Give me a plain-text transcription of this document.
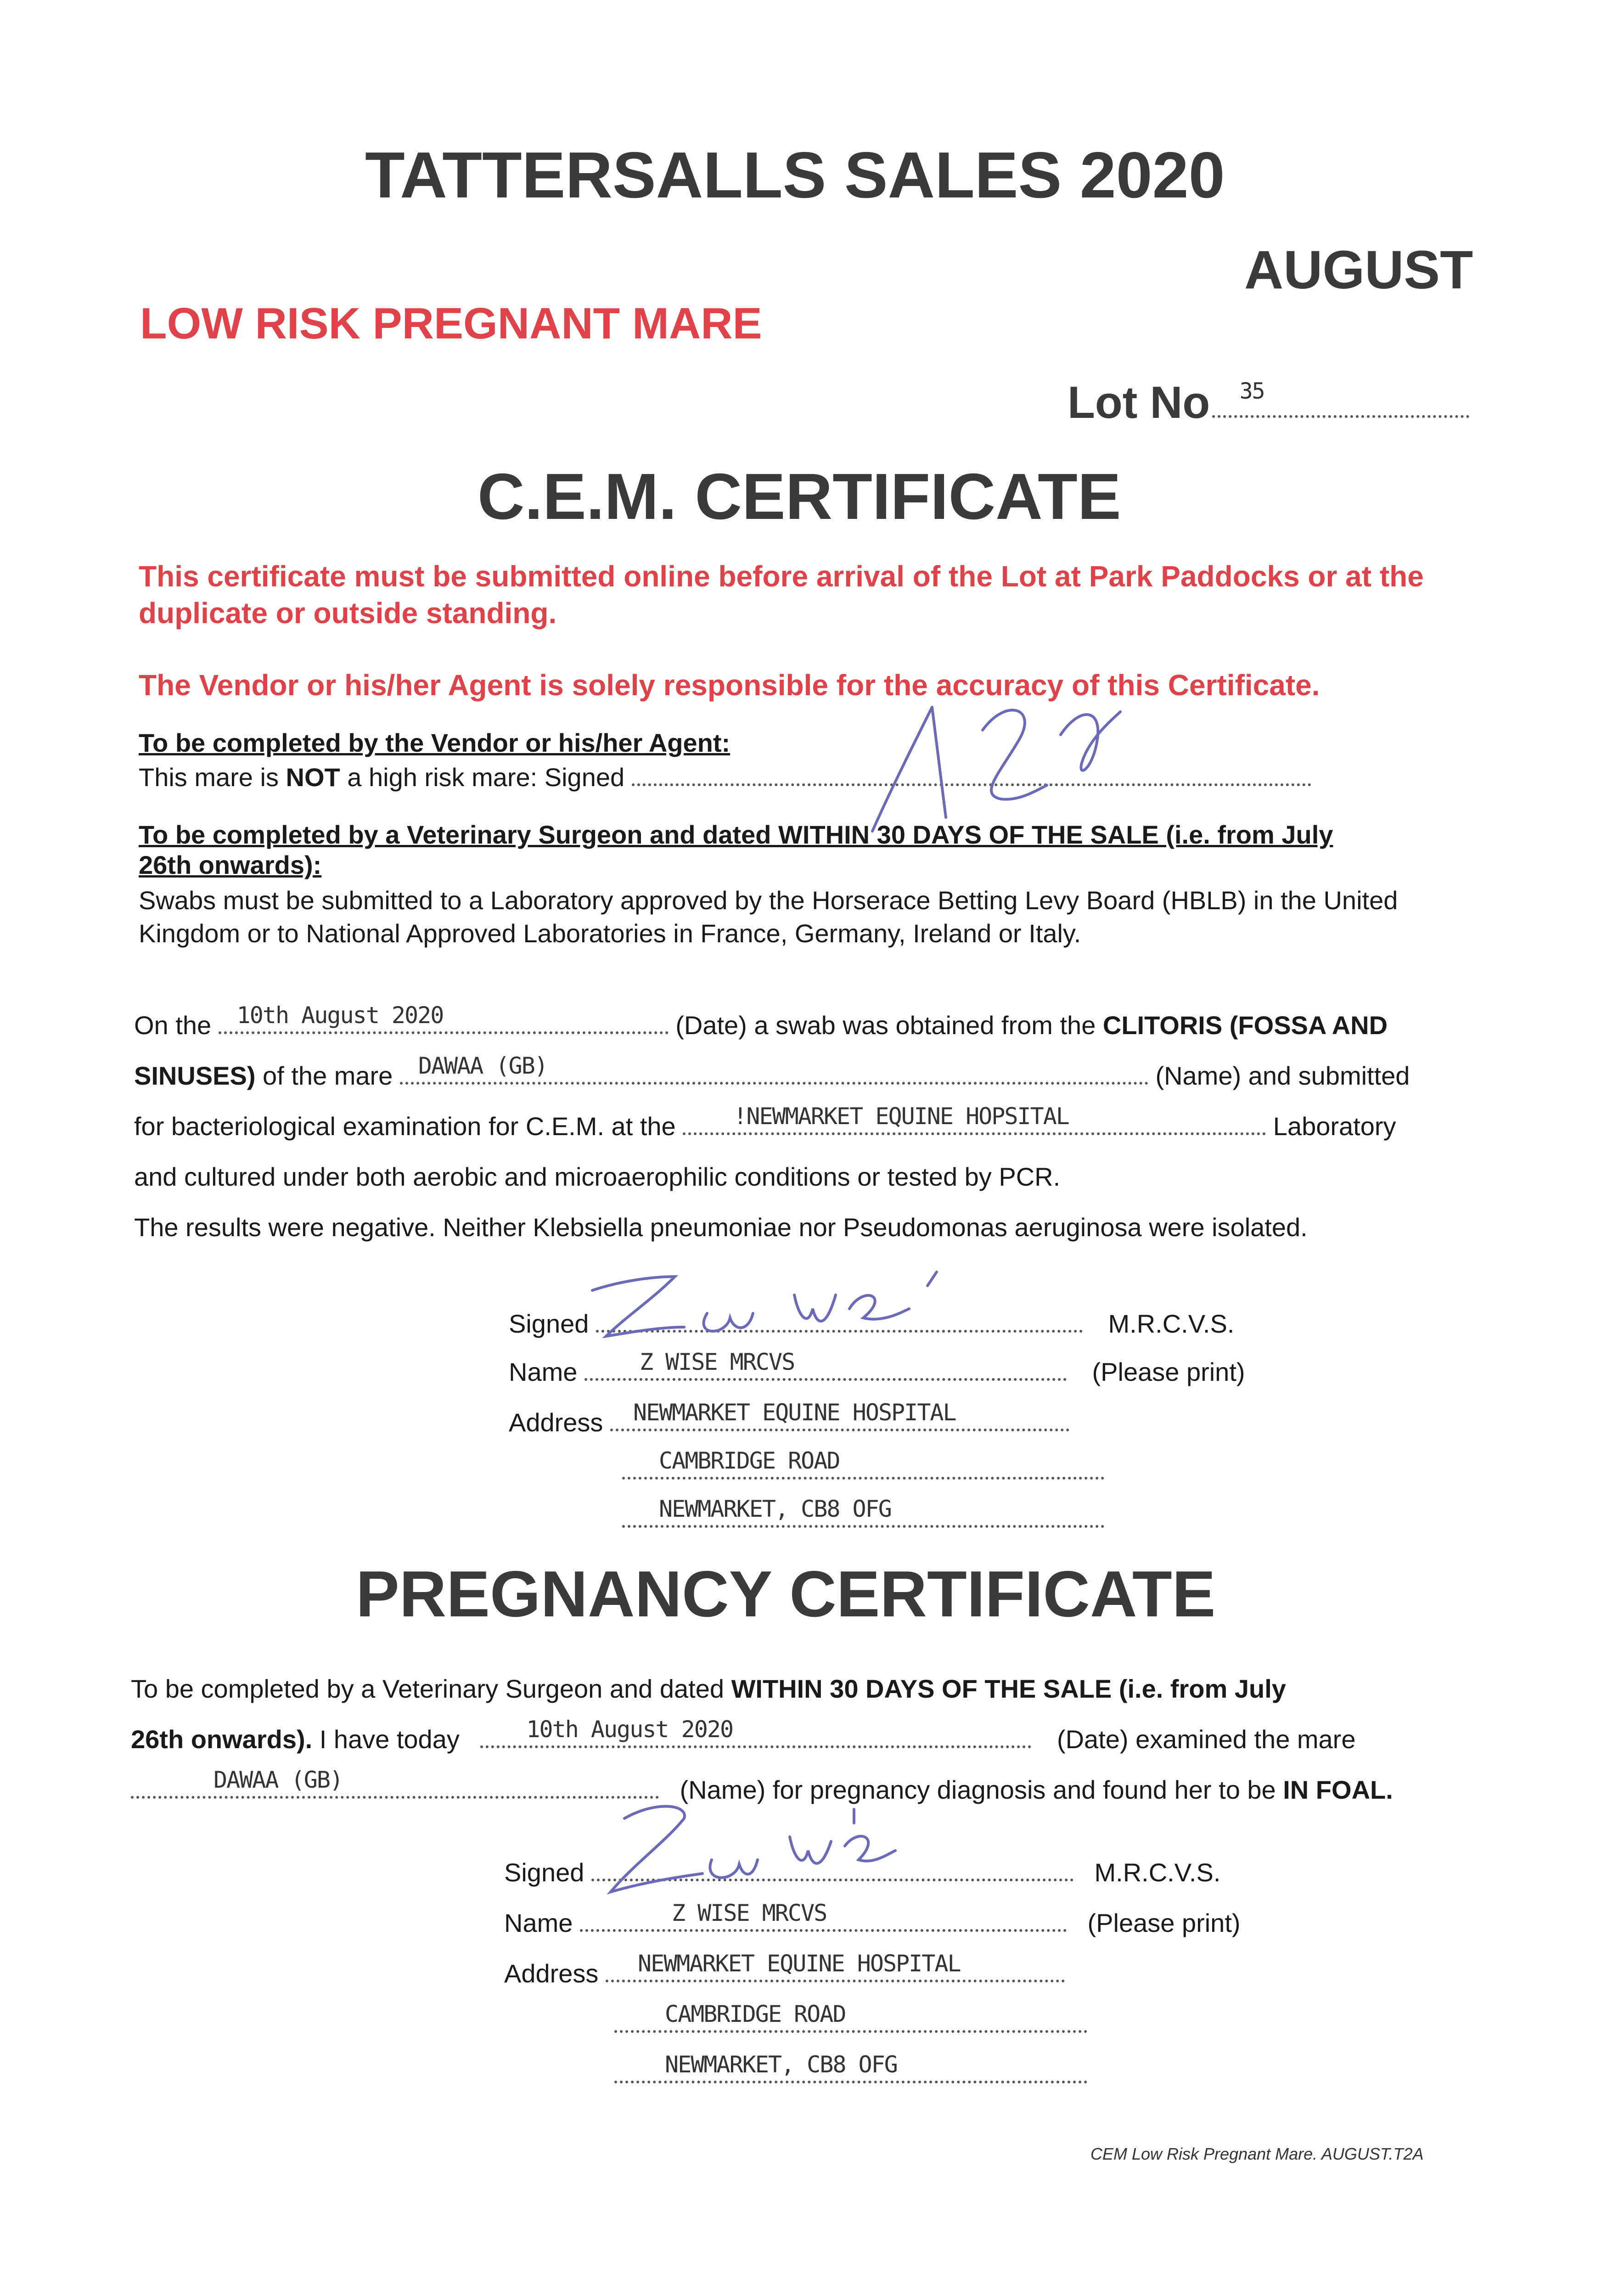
TATTERSALLS SALES 2020
AUGUST
LOW RISK PREGNANT MARE
Lot No 35
C.E.M. CERTIFICATE
This certificate must be submitted online before arrival of the Lot at Park Paddocks or at the duplicate or outside standing.
The Vendor or his/her Agent is solely responsible for the accuracy of this Certificate.
To be completed by the Vendor or his/her Agent:
This mare is NOT a high risk mare: Signed
To be completed by a Veterinary Surgeon and dated WITHIN 30 DAYS OF THE SALE (i.e. from July
26th onwards):
Swabs must be submitted to a Laboratory approved by the Horserace Betting Levy Board (HBLB) in the United Kingdom or to National Approved Laboratories in France, Germany, Ireland or Italy.
On the 10th August 2020	(Date) a swab was obtained from the CLITORIS (FOSSA AND
SINUSES) of the mare DAWAA (GB)	(Name) and submitted
for bacteriological examination for C.E.M. at the	!NEWMARKET EQUINE HOPSITAL	Laboratory
and cultured under both aerobic and microaerophilic conditions or tested by PCR.
The results were negative. Neither Klebsiella pneumoniae nor Pseudomonas aeruginosa were isolated.
Signed	M.R.C.V.S.
Name	Z WISE MRCVS	(Please print)
Address NEWMARKET EQUINE HOSPITAL
CAMBRIDGE ROAD
NEWMARKET, CB8 OFG
PREGNANCY CERTIFICATE
To be completed by a Veterinary Surgeon and dated WITHIN 30 DAYS OF THE SALE (i.e. from July
26th onwards). I have today	10th August 2020	(Date) examined the mare
DAWAA (GB)	(Name) for pregnancy diagnosis and found her to be IN FOAL.
Signed	M.R.C.V.S.
Name	Z WISE MRCVS	(Please print)
Address NEWMARKET EQUINE HOSPITAL
CAMBRIDGE ROAD
NEWMARKET, CB8 OFG
CEM Low Risk Pregnant Mare. AUGUST.T2A
